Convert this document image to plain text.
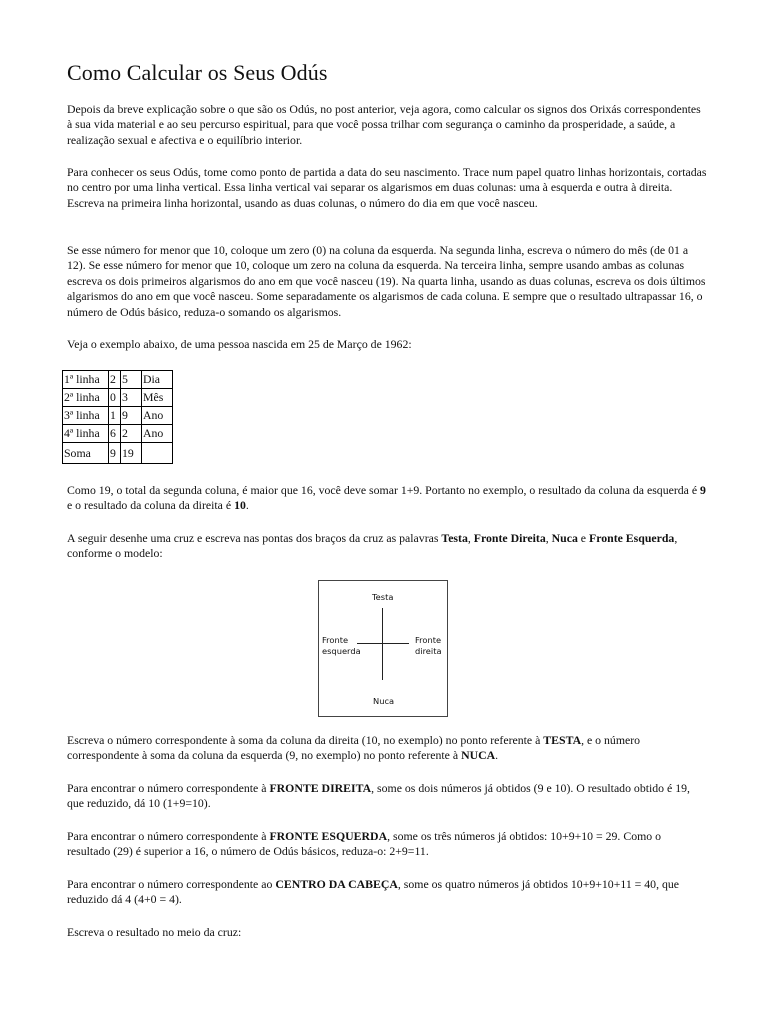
Como Calcular os Seus Odús

Depois da breve explicação sobre o que são os Odús, no post anterior, veja agora, como calcular os signos dos Orixás correspondentes à sua vida material e ao seu percurso espiritual, para que você possa trilhar com segurança o caminho da prosperidade, a saúde, a realização sexual e afectiva e o equilíbrio interior.

Para conhecer os seus Odús, tome como ponto de partida a data do seu nascimento. Trace num papel quatro linhas horizontais, cortadas no centro por uma linha vertical. Essa linha vertical vai separar os algarismos em duas colunas: uma à esquerda e outra à direita. Escreva na primeira linha horizontal, usando as duas colunas, o número do dia em que você nasceu.

Se esse número for menor que 10, coloque um zero (0) na coluna da esquerda. Na segunda linha, escreva o número do mês (de 01 a 12). Se esse número for menor que 10, coloque um zero na coluna da esquerda. Na terceira linha, sempre usando ambas as colunas escreva os dois primeiros algarismos do ano em que você nasceu (19). Na quarta linha, usando as duas colunas, escreva os dois últimos algarismos do ano em que você nasceu. Some separadamente os algarismos de cada coluna. E sempre que o resultado ultrapassar 16, o número de Odús básico, reduza-o somando os algarismos.

Veja o exemplo abaixo, de uma pessoa nascida em 25 de Março de 1962:

1ª linha	2	5	Dia
2ª linha	0	3	Mês
3ª linha	1	9	Ano
4ª linha	6	2	Ano
Soma	9	19	

Como 19, o total da segunda coluna, é maior que 16, você deve somar 1+9. Portanto no exemplo, o resultado da coluna da esquerda é 9 e o resultado da coluna da direita é 10.

A seguir desenhe uma cruz e escreva nas pontas dos braços da cruz as palavras Testa, Fronte Direita, Nuca e Fronte Esquerda, conforme o modelo:

Testa
Nuca
Fronte
esquerda
Fronte
direita

Escreva o número correspondente à soma da coluna da direita (10, no exemplo) no ponto referente à TESTA, e o número correspondente à soma da coluna da esquerda (9, no exemplo) no ponto referente à NUCA.

Para encontrar o número correspondente à FRONTE DIREITA, some os dois números já obtidos (9 e 10). O resultado obtido é 19, que reduzido, dá 10 (1+9=10).

Para encontrar o número correspondente à FRONTE ESQUERDA, some os três números já obtidos: 10+9+10 = 29. Como o resultado (29) é superior a 16, o número de Odús básicos, reduza-o: 2+9=11.

Para encontrar o número correspondente ao CENTRO DA CABEÇA, some os quatro números já obtidos 10+9+10+11 = 40, que reduzido dá 4 (4+0 = 4).

Escreva o resultado no meio da cruz:
